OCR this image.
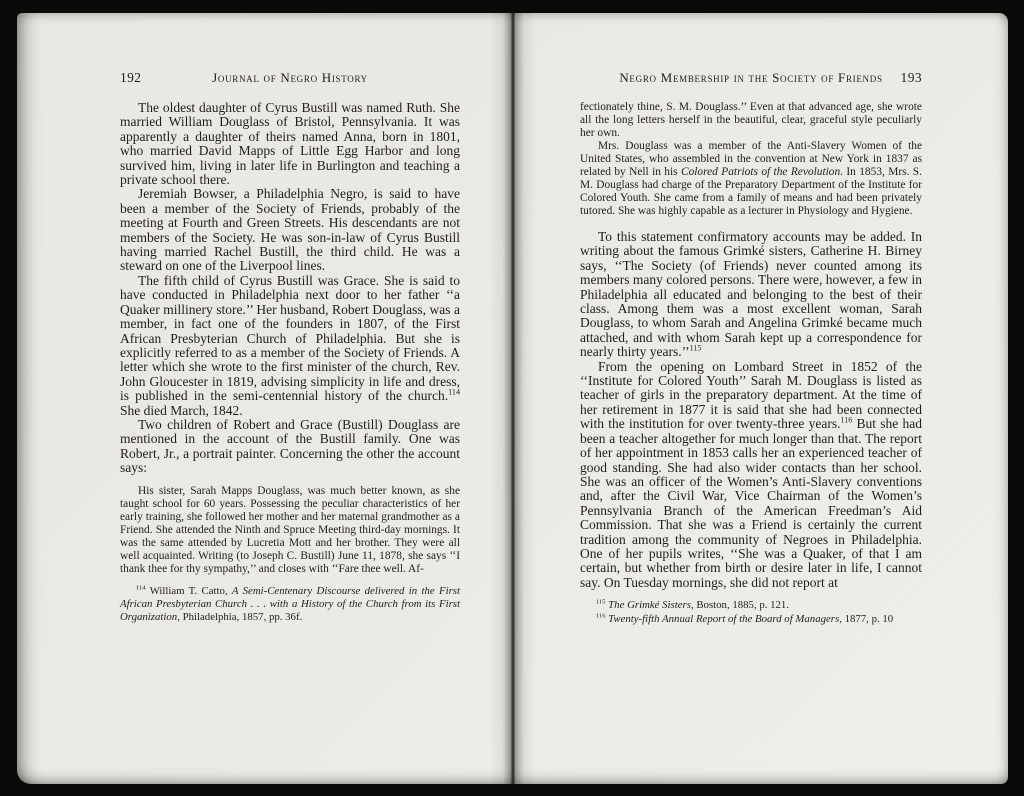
192	Journal of Negro History

The oldest daughter of Cyrus Bustill was named Ruth. She married William Douglass of Bristol, Pennsylvania. It was apparently a daughter of theirs named Anna, born in 1801, who married David Mapps of Little Egg Harbor and long survived him, living in later life in Burlington and teaching a private school there.

Jeremiah Bowser, a Philadelphia Negro, is said to have been a member of the Society of Friends, probably of the meeting at Fourth and Green Streets. His descendants are not members of the Society. He was son-in-law of Cyrus Bustill having married Rachel Bustill, the third child. He was a steward on one of the Liverpool lines.

The fifth child of Cyrus Bustill was Grace. She is said to have conducted in Philadelphia next door to her father ‘‘a Quaker millinery store.’’ Her husband, Robert Douglass, was a member, in fact one of the founders in 1807, of the First African Presbyterian Church of Philadelphia. But she is explicitly referred to as a member of the Society of Friends. A letter which she wrote to the first minister of the church, Rev. John Gloucester in 1819, advising simplicity in life and dress, is published in the semi-centennial history of the church.$^{114}$ She died March, 1842.

Two children of Robert and Grace (Bustill) Douglass are mentioned in the account of the Bustill family. One was Robert, Jr., a portrait painter. Concerning the other the account says:

His sister, Sarah Mapps Douglass, was much better known, as she taught school for 60 years. Possessing the peculiar characteristics of her early training, she followed her mother and her maternal grandmother as a Friend. She attended the Ninth and Spruce Meeting third-day mornings. It was the same attended by Lucretia Mott and her brother. They were all well acquainted. Writing (to Joseph C. Bustill) June 11, 1878, she says ‘‘I thank thee for thy sympathy,’’ and closes with ‘‘Fare thee well. Af-

$^{114}$ William T. Catto, A Semi-Centenary Discourse delivered in the First African Presbyterian Church . . . with a History of the Church from its First Organization, Philadelphia, 1857, pp. 36f.

Negro Membership in the Society of Friends 193

fectionately thine, S. M. Douglass.’’ Even at that advanced age, she wrote all the long letters herself in the beautiful, clear, graceful style peculiarly her own.

Mrs. Douglass was a member of the Anti-Slavery Women of the United States, who assembled in the convention at New York in 1837 as related by Nell in his Colored Patriots of the Revolution. In 1853, Mrs. S. M. Douglass had charge of the Preparatory Department of the Institute for Colored Youth. She came from a family of means and had been privately tutored. She was highly capable as a lecturer in Physiology and Hygiene.

To this statement confirmatory accounts may be added. In writing about the famous Grimké sisters, Catherine H. Birney says, ‘‘The Society (of Friends) never counted among its members many colored persons. There were, however, a few in Philadelphia all educated and belonging to the best of their class. Among them was a most excellent woman, Sarah Douglass, to whom Sarah and Angelina Grimké became much attached, and with whom Sarah kept up a correspondence for nearly thirty years.’’$^{115}$

From the opening on Lombard Street in 1852 of the ‘‘Institute for Colored Youth’’ Sarah M. Douglass is listed as teacher of girls in the preparatory department. At the time of her retirement in 1877 it is said that she had been connected with the institution for over twenty-three years.$^{116}$ But she had been a teacher altogether for much longer than that. The report of her appointment in 1853 calls her an experienced teacher of good standing. She had also wider contacts than her school. She was an officer of the Women’s Anti-Slavery conventions and, after the Civil War, Vice Chairman of the Women’s Pennsylvania Branch of the American Freedman’s Aid Commission. That she was a Friend is certainly the current tradition among the community of Negroes in Philadelphia. One of her pupils writes, ‘‘She was a Quaker, of that I am certain, but whether from birth or desire later in life, I cannot say. On Tuesday mornings, she did not report at

$^{115}$ The Grimké Sisters, Boston, 1885, p. 121.

$^{116}$ Twenty-fifth Annual Report of the Board of Managers, 1877, p. 10
